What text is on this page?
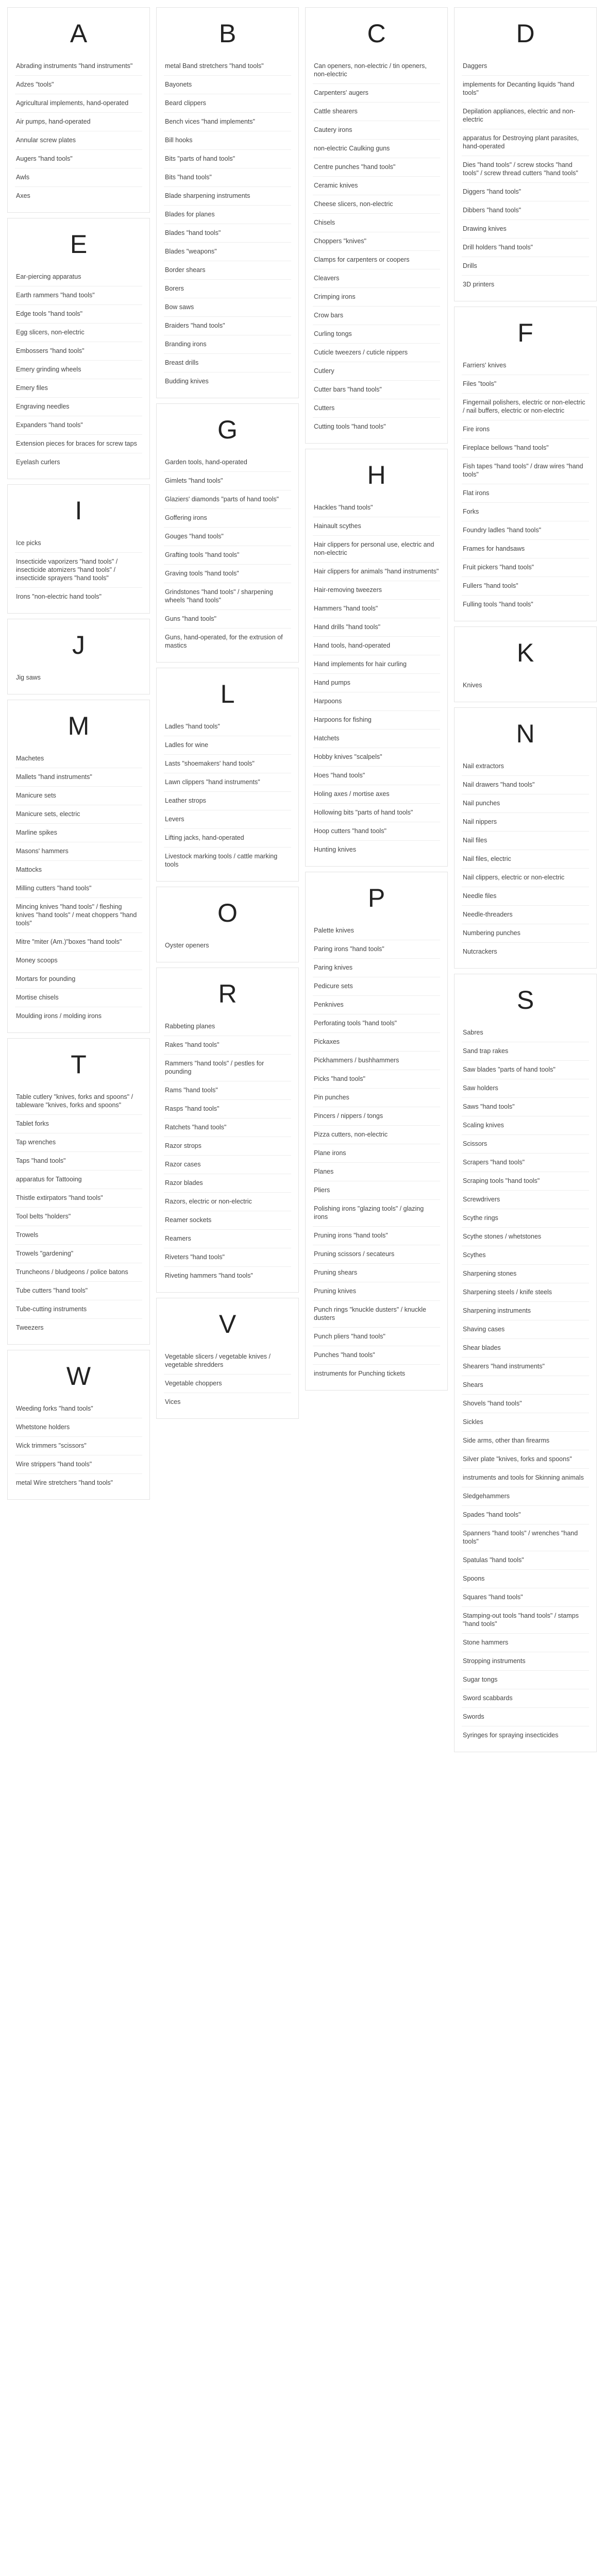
A
Abrading instruments "hand instruments"
Adzes "tools"
Agricultural implements, hand-operated
Air pumps, hand-operated
Annular screw plates
Augers "hand tools"
Awls
Axes
E
Ear-piercing apparatus
Earth rammers "hand tools"
Edge tools "hand tools"
Egg slicers, non-electric
Embossers "hand tools"
Emery grinding wheels
Emery files
Engraving needles
Expanders "hand tools"
Extension pieces for braces for screw taps
Eyelash curlers
I
Ice picks
Insecticide vaporizers "hand tools" / insecticide atomizers "hand tools" / insecticide sprayers "hand tools"
Irons "non-electric hand tools"
J
Jig saws
M
Machetes
Mallets "hand instruments"
Manicure sets
Manicure sets, electric
Marline spikes
Masons' hammers
Mattocks
Milling cutters "hand tools"
Mincing knives "hand tools" / fleshing knives "hand tools" / meat choppers "hand tools"
Mitre "miter (Am.)"boxes "hand tools"
Money scoops
Mortars for pounding
Mortise chisels
Moulding irons / molding irons
T
Table cutlery "knives, forks and spoons" / tableware "knives, forks and spoons"
Tablet forks
Tap wrenches
Taps "hand tools"
apparatus for Tattooing
Thistle extirpators "hand tools"
Tool belts "holders"
Trowels
Trowels "gardening"
Truncheons / bludgeons / police batons
Tube cutters "hand tools"
Tube-cutting instruments
Tweezers
W
Weeding forks "hand tools"
Whetstone holders
Wick trimmers "scissors"
Wire strippers "hand tools"
metal Wire stretchers "hand tools"
B
metal Band stretchers "hand tools"
Bayonets
Beard clippers
Bench vices "hand implements"
Bill hooks
Bits "parts of hand tools"
Bits "hand tools"
Blade sharpening instruments
Blades for planes
Blades "hand tools"
Blades "weapons"
Border shears
Borers
Bow saws
Braiders "hand tools"
Branding irons
Breast drills
Budding knives
G
Garden tools, hand-operated
Gimlets "hand tools"
Glaziers' diamonds "parts of hand tools"
Goffering irons
Gouges "hand tools"
Grafting tools "hand tools"
Graving tools "hand tools"
Grindstones "hand tools" / sharpening wheels "hand tools"
Guns "hand tools"
Guns, hand-operated, for the extrusion of mastics
L
Ladles "hand tools"
Ladles for wine
Lasts "shoemakers' hand tools"
Lawn clippers "hand instruments"
Leather strops
Levers
Lifting jacks, hand-operated
Livestock marking tools / cattle marking tools
O
Oyster openers
R
Rabbeting planes
Rakes "hand tools"
Rammers "hand tools" / pestles for pounding
Rams "hand tools"
Rasps "hand tools"
Ratchets "hand tools"
Razor strops
Razor cases
Razor blades
Razors, electric or non-electric
Reamer sockets
Reamers
Riveters "hand tools"
Riveting hammers "hand tools"
V
Vegetable slicers / vegetable knives / vegetable shredders
Vegetable choppers
Vices
C
Can openers, non-electric / tin openers, non-electric
Carpenters' augers
Cattle shearers
Cautery irons
non-electric Caulking guns
Centre punches "hand tools"
Ceramic knives
Cheese slicers, non-electric
Chisels
Choppers "knives"
Clamps for carpenters or coopers
Cleavers
Crimping irons
Crow bars
Curling tongs
Cuticle tweezers / cuticle nippers
Cutlery
Cutter bars "hand tools"
Cutters
Cutting tools "hand tools"
H
Hackles "hand tools"
Hainault scythes
Hair clippers for personal use, electric and non-electric
Hair clippers for animals "hand instruments"
Hair-removing tweezers
Hammers "hand tools"
Hand drills "hand tools"
Hand tools, hand-operated
Hand implements for hair curling
Hand pumps
Harpoons
Harpoons for fishing
Hatchets
Hobby knives "scalpels"
Hoes "hand tools"
Holing axes / mortise axes
Hollowing bits "parts of hand tools"
Hoop cutters "hand tools"
Hunting knives
P
Palette knives
Paring irons "hand tools"
Paring knives
Pedicure sets
Penknives
Perforating tools "hand tools"
Pickaxes
Pickhammers / bushhammers
Picks "hand tools"
Pin punches
Pincers / nippers / tongs
Pizza cutters, non-electric
Plane irons
Planes
Pliers
Polishing irons "glazing tools" / glazing irons
Pruning irons "hand tools"
Pruning scissors / secateurs
Pruning shears
Pruning knives
Punch rings "knuckle dusters" / knuckle dusters
Punch pliers "hand tools"
Punches "hand tools"
instruments for Punching tickets
D
Daggers
implements for Decanting liquids "hand tools"
Depilation appliances, electric and non-electric
apparatus for Destroying plant parasites, hand-operated
Dies "hand tools" / screw stocks "hand tools" / screw thread cutters "hand tools"
Diggers "hand tools"
Dibbers "hand tools"
Drawing knives
Drill holders "hand tools"
Drills
3D printers
F
Farriers' knives
Files "tools"
Fingernail polishers, electric or non-electric / nail buffers, electric or non-electric
Fire irons
Fireplace bellows "hand tools"
Fish tapes "hand tools" / draw wires "hand tools"
Flat irons
Forks
Foundry ladles "hand tools"
Frames for handsaws
Fruit pickers "hand tools"
Fullers "hand tools"
Fulling tools "hand tools"
K
Knives
N
Nail extractors
Nail drawers "hand tools"
Nail punches
Nail nippers
Nail files
Nail files, electric
Nail clippers, electric or non-electric
Needle files
Needle-threaders
Numbering punches
Nutcrackers
S
Sabres
Sand trap rakes
Saw blades "parts of hand tools"
Saw holders
Saws "hand tools"
Scaling knives
Scissors
Scrapers "hand tools"
Scraping tools "hand tools"
Screwdrivers
Scythe rings
Scythe stones / whetstones
Scythes
Sharpening stones
Sharpening steels / knife steels
Sharpening instruments
Shaving cases
Shear blades
Shearers "hand instruments"
Shears
Shovels "hand tools"
Sickles
Side arms, other than firearms
Silver plate "knives, forks and spoons"
instruments and tools for Skinning animals
Sledgehammers
Spades "hand tools"
Spanners "hand tools" / wrenches "hand tools"
Spatulas "hand tools"
Spoons
Squares "hand tools"
Stamping-out tools "hand tools" / stamps "hand tools"
Stone hammers
Stropping instruments
Sugar tongs
Sword scabbards
Swords
Syringes for spraying insecticides
